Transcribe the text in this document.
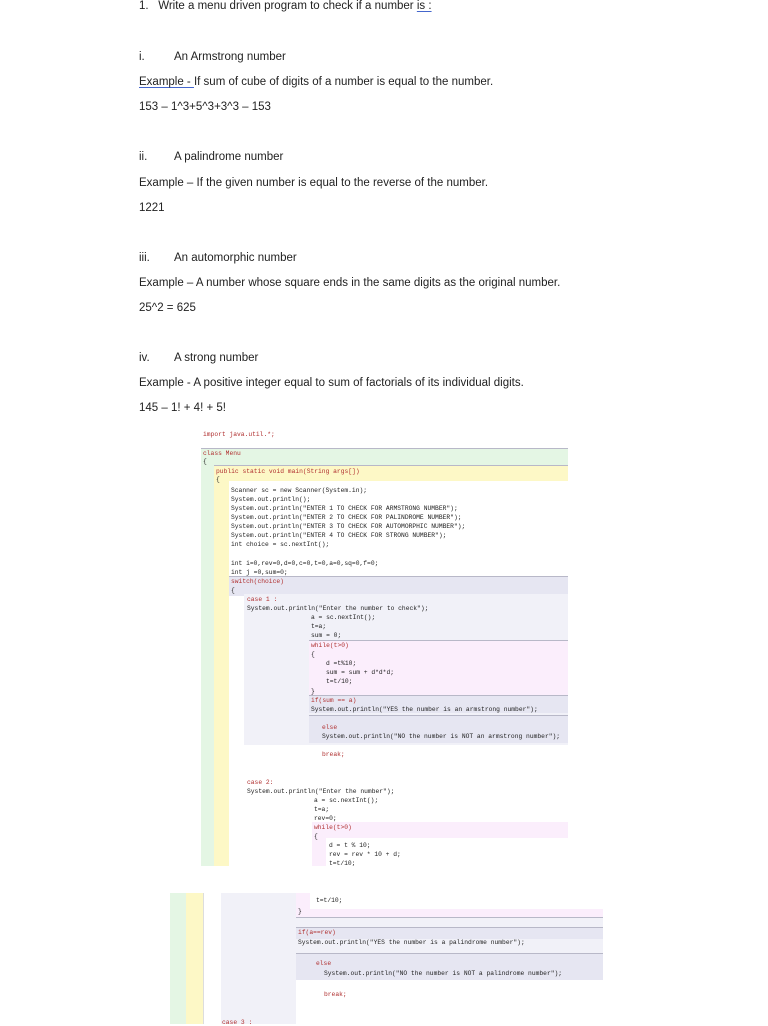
1. Write a menu driven program to check if a number is :
i.	An Armstrong number
Example - If sum of cube of digits of a number is equal to the number.
153 – 1^3+5^3+3^3 – 153
ii. A palindrome number
Example – If the given number is equal to the reverse of the number.
1221
iii. An automorphic number
Example – A number whose square ends in the same digits as the original number.
25^2 = 625
iv. A strong number
Example - A positive integer equal to sum of factorials of its individual digits.
145 – 1! + 4! + 5!
import java.util.*;
class Menu
{
public static void main(String args[])
{
Scanner sc = new Scanner(System.in);
System.out.println();
System.out.println("ENTER 1 TO CHECK FOR ARMSTRONG NUMBER");
System.out.println("ENTER 2 TO CHECK FOR PALINDROME NUMBER");
System.out.println("ENTER 3 TO CHECK FOR AUTOMORPHIC NUMBER");
System.out.println("ENTER 4 TO CHECK FOR STRONG NUMBER");
int choice = sc.nextInt();
int i=0,rev=0,d=0,c=0,t=0,a=0,sq=0,f=0;
int j =0,sum=0;
switch(choice)
{
case 1 :
System.out.println("Enter the number to check");
a = sc.nextInt();
t=a;
sum = 0;
while(t>0)
{
d =t%10;
sum = sum + d*d*d;
t=t/10;
}
if(sum == a)
System.out.println("YES the number is an armstrong number");
else
System.out.println("NO the number is NOT an armstrong number");
break;
case 2:
System.out.println("Enter the number");
a = sc.nextInt();
t=a;
rev=0;
while(t>0)
{
d = t % 10;
rev = rev * 10 + d;
t=t/10;
t=t/10;
}
if(a==rev)
System.out.println("YES the number is a palindrome number");
else
System.out.println("NO the number is NOT a palindrome number");
break;
case 3 :
